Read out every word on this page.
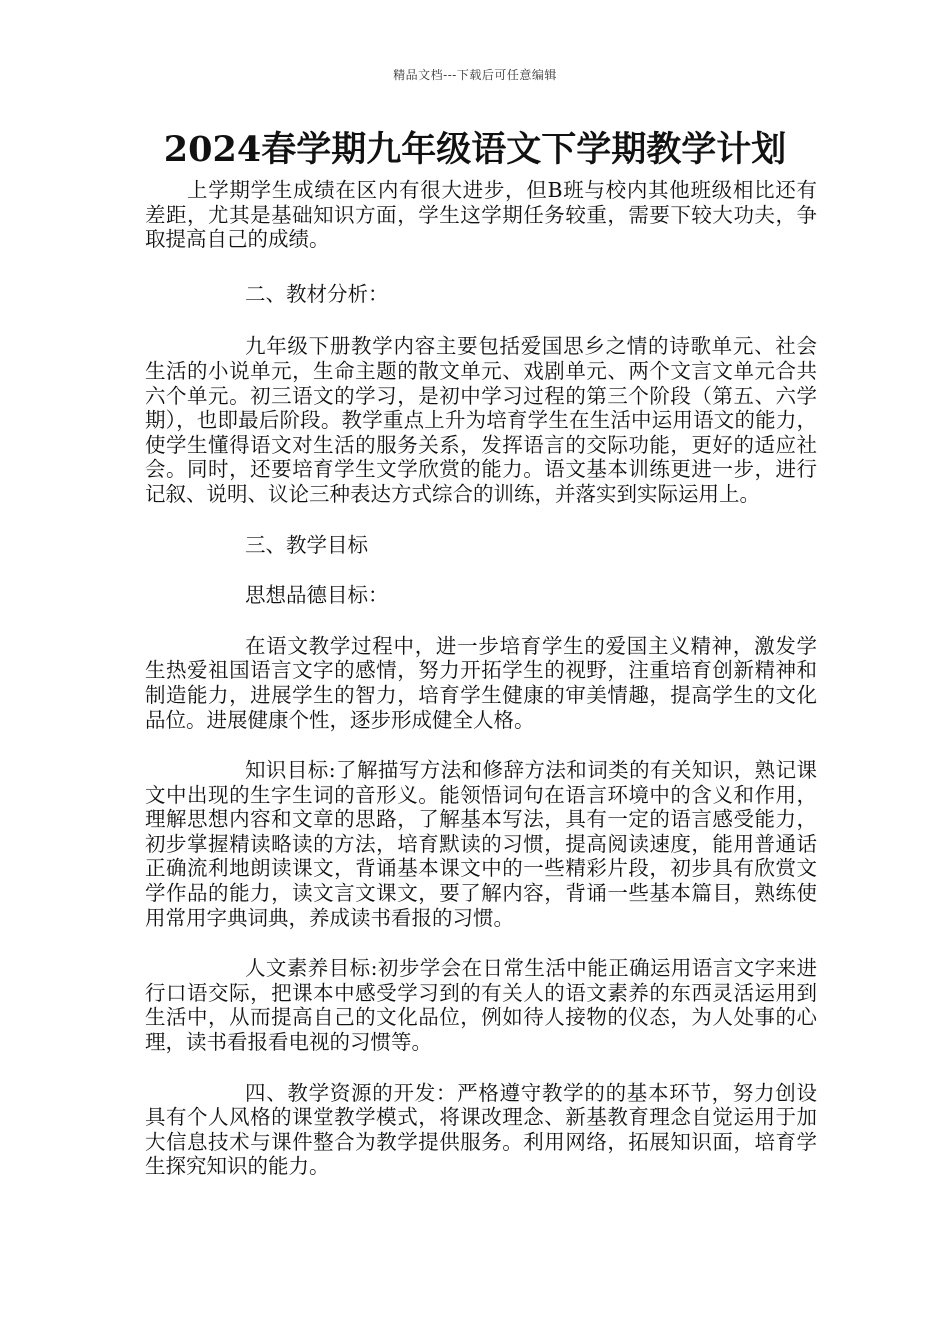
精品文档---下载后可任意编辑
2024春学期九年级语文下学期教学计划

上学期学生成绩在区内有很大进步，但B班与校内其他班级相比还有差距，尤其是基础知识方面，学生这学期任务较重，需要下较大功夫，争取提高自己的成绩。

二、教材分析：

九年级下册教学内容主要包括爱国思乡之情的诗歌单元、社会生活的小说单元，生命主题的散文单元、戏剧单元、两个文言文单元合共六个单元。初三语文的学习，是初中学习过程的第三个阶段（第五、六学期），也即最后阶段。教学重点上升为培育学生在生活中运用语文的能力，使学生懂得语文对生活的服务关系，发挥语言的交际功能，更好的适应社会。同时，还要培育学生文学欣赏的能力。语文基本训练更进一步，进行记叙、说明、议论三种表达方式综合的训练，并落实到实际运用上。

三、教学目标

思想品德目标：

在语文教学过程中，进一步培育学生的爱国主义精神，激发学生热爱祖国语言文字的感情，努力开拓学生的视野，注重培育创新精神和制造能力，进展学生的智力，培育学生健康的审美情趣，提高学生的文化品位。进展健康个性，逐步形成健全人格。

知识目标:了解描写方法和修辞方法和词类的有关知识，熟记课文中出现的生字生词的音形义。能领悟词句在语言环境中的含义和作用，理解思想内容和文章的思路，了解基本写法，具有一定的语言感受能力，初步掌握精读略读的方法，培育默读的习惯，提高阅读速度，能用普通话正确流利地朗读课文，背诵基本课文中的一些精彩片段，初步具有欣赏文学作品的能力，读文言文课文，要了解内容，背诵一些基本篇目，熟练使用常用字典词典，养成读书看报的习惯。

人文素养目标:初步学会在日常生活中能正确运用语言文字来进行口语交际，把课本中感受学习到的有关人的语文素养的东西灵活运用到生活中，从而提高自己的文化品位，例如待人接物的仪态，为人处事的心理，读书看报看电视的习惯等。

四、教学资源的开发：严格遵守教学的的基本环节，努力创设具有个人风格的课堂教学模式，将课改理念、新基教育理念自觉运用于加大信息技术与课件整合为教学提供服务。利用网络，拓展知识面，培育学生探究知识的能力。
